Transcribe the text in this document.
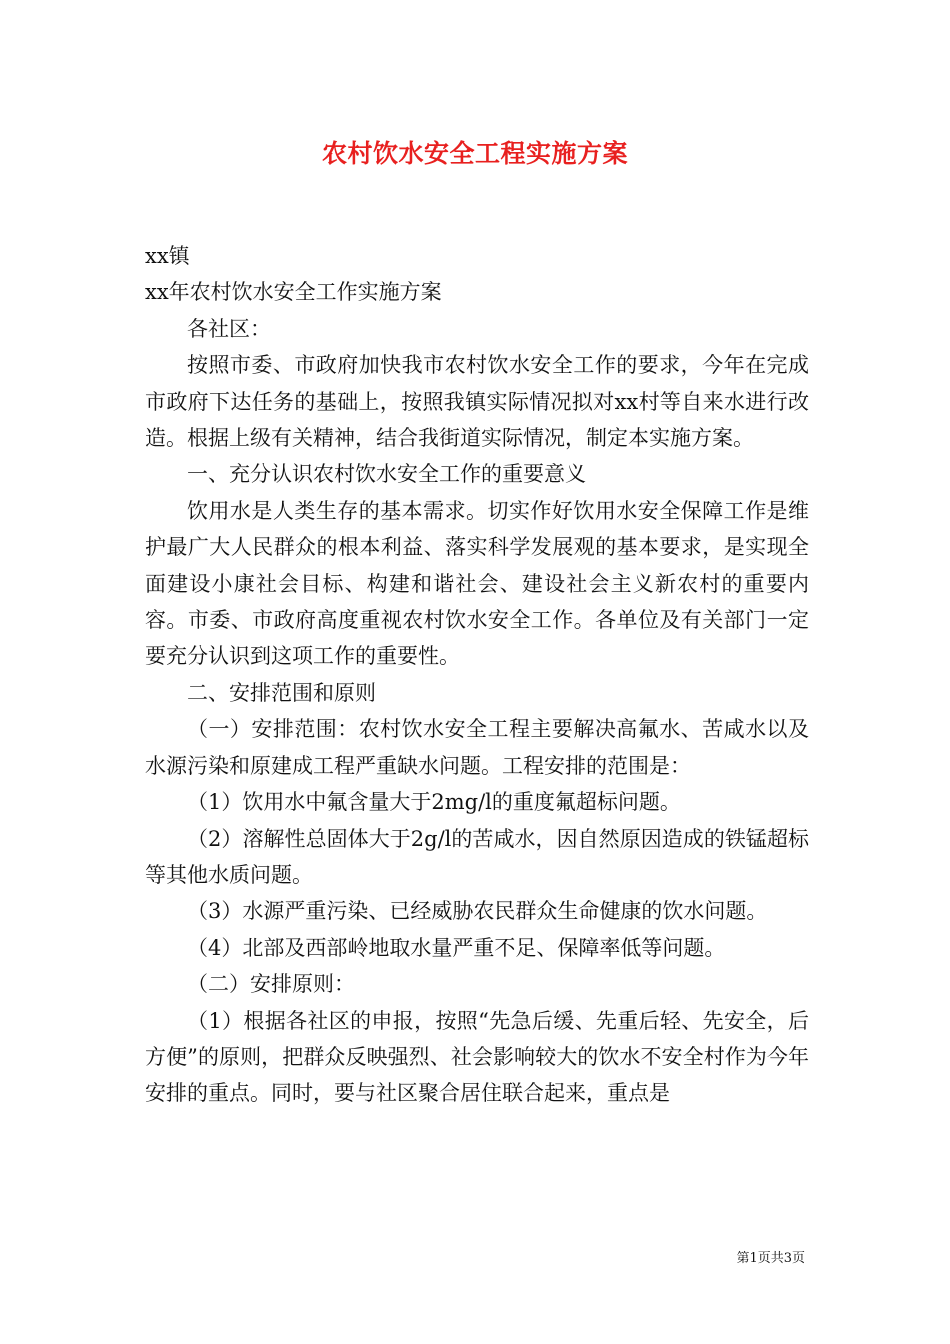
农村饮水安全工程实施方案

xx镇

xx年农村饮水安全工作实施方案

各社区：

按照市委、市政府加快我市农村饮水安全工作的要求，今年在完成市政府下达任务的基础上，按照我镇实际情况拟对xx村等自来水进行改造。根据上级有关精神，结合我街道实际情况，制定本实施方案。

一、充分认识农村饮水安全工作的重要意义

饮用水是人类生存的基本需求。切实作好饮用水安全保障工作是维护最广大人民群众的根本利益、落实科学发展观的基本要求，是实现全面建设小康社会目标、构建和谐社会、建设社会主义新农村的重要内容。市委、市政府高度重视农村饮水安全工作。各单位及有关部门一定要充分认识到这项工作的重要性。

二、安排范围和原则

（一）安排范围：农村饮水安全工程主要解决高氟水、苦咸水以及水源污染和原建成工程严重缺水问题。工程安排的范围是：

（1）饮用水中氟含量大于2mg/l的重度氟超标问题。

（2）溶解性总固体大于2g/l的苦咸水，因自然原因造成的铁锰超标等其他水质问题。

（3）水源严重污染、已经威胁农民群众生命健康的饮水问题。

（4）北部及西部岭地取水量严重不足、保障率低等问题。

（二）安排原则：

（1）根据各社区的申报，按照“先急后缓、先重后轻、先安全，后方便”的原则，把群众反映强烈、社会影响较大的饮水不安全村作为今年安排的重点。同时，要与社区聚合居住联合起来，重点是

第1页共3页
